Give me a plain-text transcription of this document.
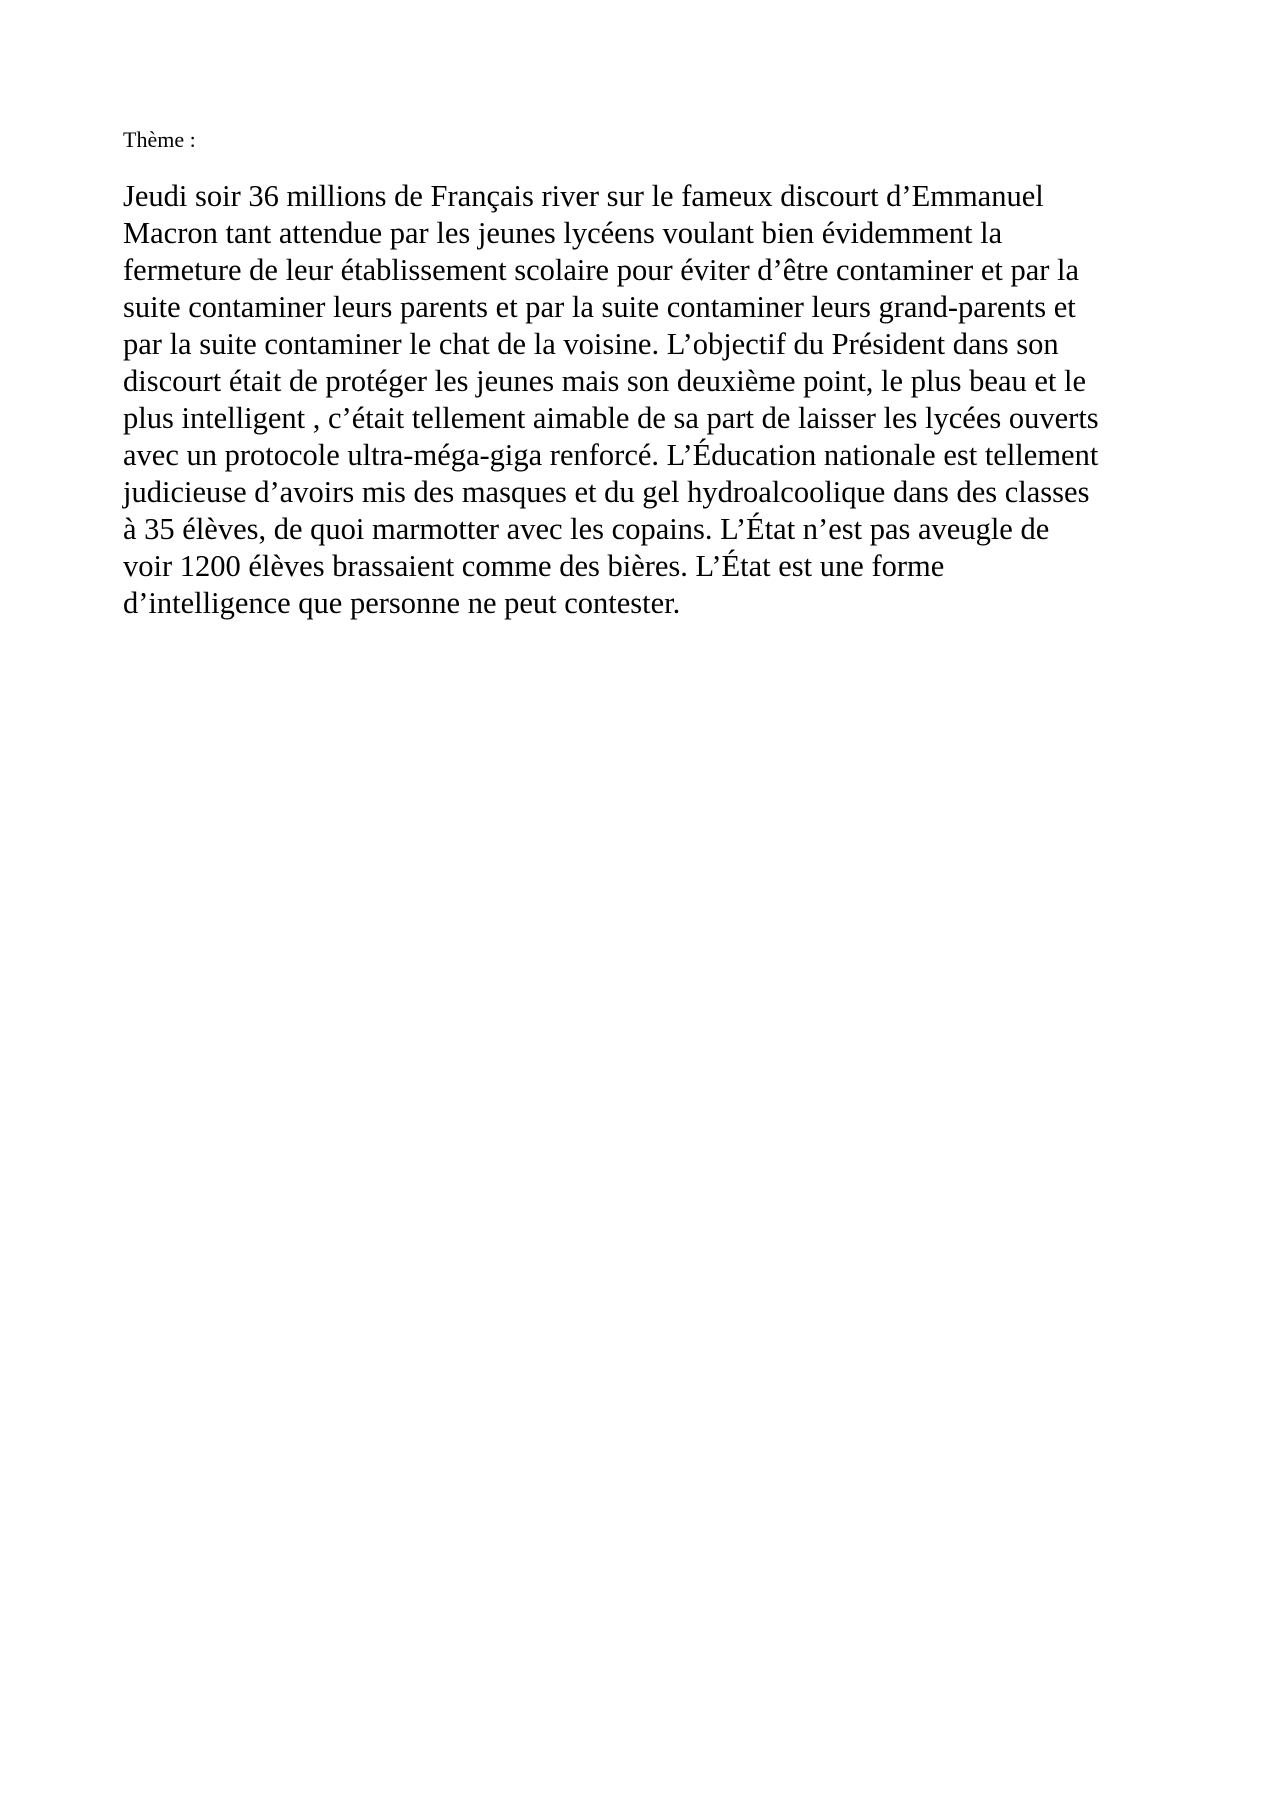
Thème :

Jeudi soir 36 millions de Français river sur le fameux discourt d’Emmanuel
Macron tant attendue par les jeunes lycéens voulant bien évidemment la
fermeture de leur établissement scolaire pour éviter d’être contaminer et par la
suite contaminer leurs parents et par la suite contaminer leurs grand-parents et
par la suite contaminer le chat de la voisine. L’objectif du Président dans son
discourt était de protéger les jeunes mais son deuxième point, le plus beau et le
plus intelligent , c’était tellement aimable de sa part de laisser les lycées ouverts
avec un protocole ultra-méga-giga renforcé. L’Éducation nationale est tellement
judicieuse d’avoirs mis des masques et du gel hydroalcoolique dans des classes
à 35 élèves, de quoi marmotter avec les copains. L’État n’est pas aveugle de
voir 1200 élèves brassaient comme des bières. L’État est une forme
d’intelligence que personne ne peut contester.
